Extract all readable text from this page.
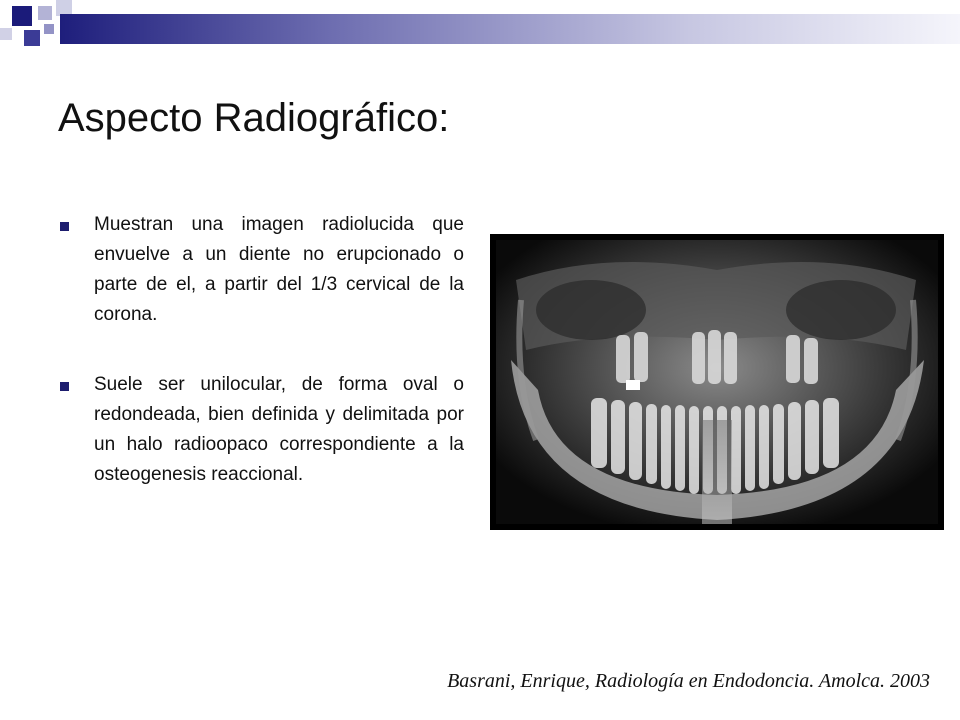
Aspecto Radiográfico:
Muestran una imagen radiolucida que envuelve a un diente no erupcionado o parte de el, a partir del 1/3 cervical de la corona.
Suele ser unilocular, de forma oval o redondeada, bien definida y delimitada por un halo radioopaco correspondiente a la osteogenesis reaccional.

Basrani, Enrique, Radiología en Endodoncia. Amolca. 2003
